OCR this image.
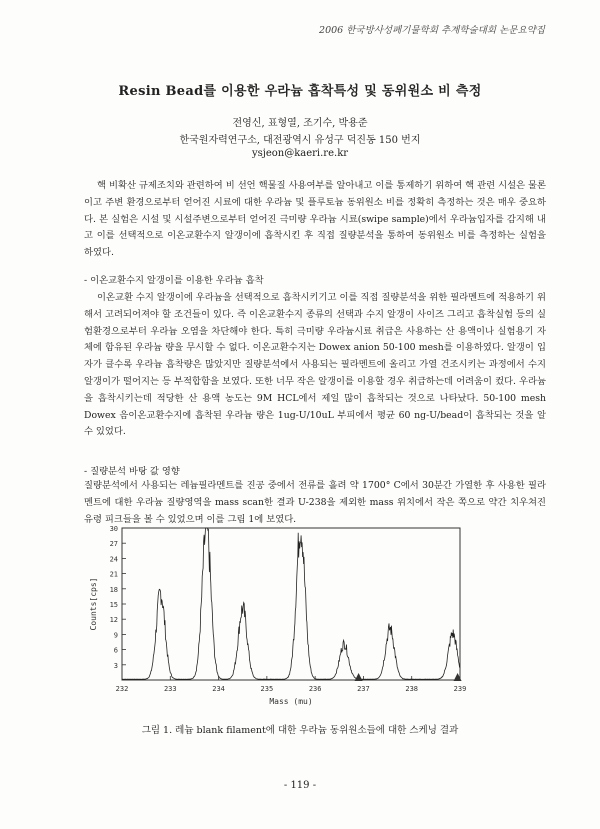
2006 한국방사성폐기물학회 추계학술대회 논문요약집
Resin Bead를 이용한 우라늄 흡착특성 및 동위원소 비 측정
전영신, 표형열, 조기수, 박용준
한국원자력연구소, 대전광역시 유성구 덕진동 150 번지
ysjeon@kaeri.re.kr

핵 비확산 규제조치와 관련하여 비 선언 핵물질 사용여부를 알아내고 이를 통제하기 위하여 핵 관련 시설은 물론이고 주변 환경으로부터 얻어진 시료에 대한 우라늄 및 플루토늄 동위원소 비를 정확히 측정하는 것은 매우 중요하다. 본 실험은 시설 및 시설주변으로부터 얻어진 극미량 우라늄 시료(swipe sample)에서 우라늄입자를 감지해 내고 이를 선택적으로 이온교환수지 알갱이에 흡착시킨 후 직접 질량분석을 통하여 동위원소 비를 측정하는 실험을 하였다.

- 이온교환수지 알갱이를 이용한 우라늄 흡착

이온교환 수지 알갱이에 우라늄을 선택적으로 흡착시키기고 이를 직접 질량분석을 위한 필라멘트에 적용하기 위해서 고려되어져야 할 조건들이 있다. 즉 이온교환수지 종류의 선택과 수지 알갱이 사이즈 그리고 흡착실험 등의 실험환경으로부터 우라늄 오염을 차단해야 한다. 특히 극미량 우라늄시료 취급은 사용하는 산 용액이나 실험용기 자체에 함유된 우라늄 량을 무시할 수 없다. 이온교환수지는 Dowex anion 50-100 mesh를 이용하였다. 알갱이 입자가 클수록 우라늄 흡착량은 많았지만 질량분석에서 사용되는 필라멘트에 올리고 가열 건조시키는 과정에서 수지알갱이가 떨어지는 등 부적합함을 보였다. 또한 너무 작은 알갱이를 이용할 경우 취급하는데 어려움이 컸다. 우라늄을 흡착시키는데 적당한 산 용액 농도는 9M HCL에서 제일 많이 흡착되는 것으로 나타났다. 50-100 mesh Dowex 음이온교환수지에 흡착된 우라늄 량은 1ug-U/10uL 부피에서 평균 60 ng-U/bead이 흡착되는 것을 알 수 있었다.

- 질량분석 바탕 값 영향

질량분석에서 사용되는 레늄필라멘트를 진공 중에서 전류를 흘려 약 1700° C에서 30분간 가열한 후 사용한 필라멘트에 대한 우라늄 질량영역을 mass scan한 결과 U-238을 제외한 mass 위치에서 작은 쪽으로 약간 치우쳐진 유령 피크들을 볼 수 있었으며 이를 그림 1에 보였다.

3
6
9
12
15
18
21
24
27
30
232	233	234	235	236	237	238	239
Mass (mu)
Counts[cps]
그림 1. 레늄 blank filament에 대한 우라늄 동위원소들에 대한 스케닝 결과
- 119 -
